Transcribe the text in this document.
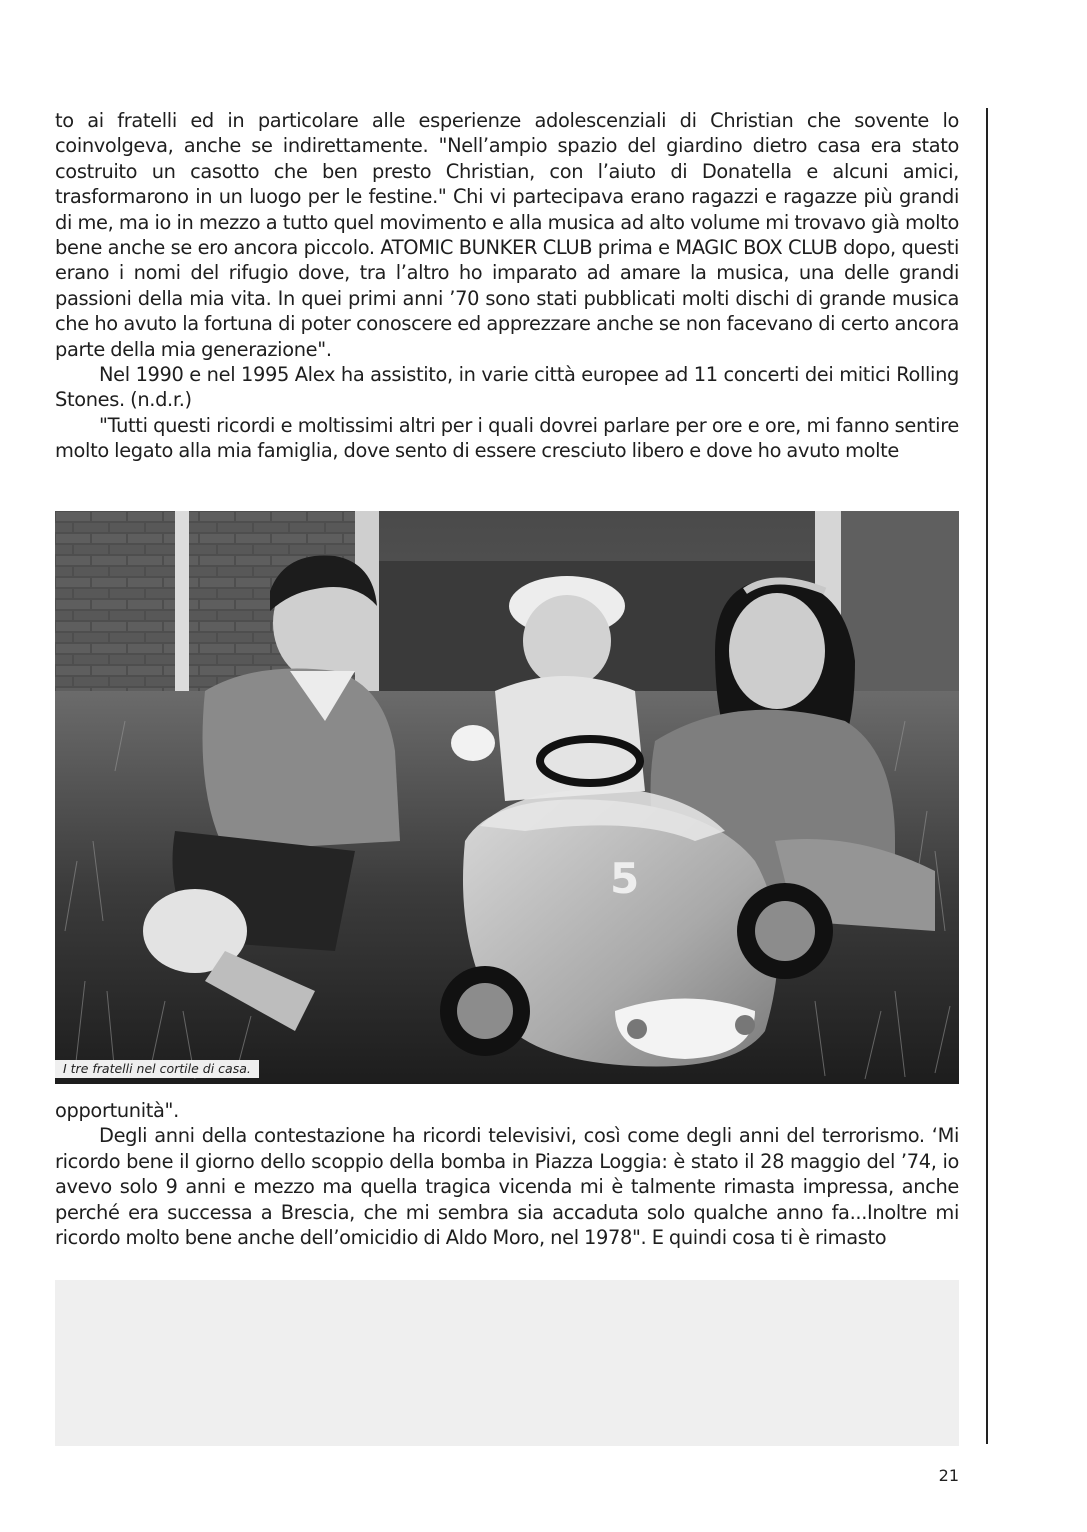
to ai fratelli ed in particolare alle esperienze adolescenziali di Christian che sovente lo coinvolgeva, anche se indirettamente. "Nell’ampio spazio del giardino dietro casa era stato costruito un casotto che ben presto Christian, con l’aiuto di Donatella e alcuni amici, trasformarono in un luogo per le festine." Chi vi partecipava erano ragazzi e ragazze più grandi di me, ma io in mezzo a tutto quel movimento e alla musica ad alto volume mi trovavo già molto bene anche se ero ancora piccolo. ATOMIC BUNKER CLUB prima e MAGIC BOX CLUB dopo, questi erano i nomi del rifugio dove, tra l’altro ho imparato ad amare la musica, una delle grandi passioni della mia vita. In quei primi anni ’70 sono stati pubblicati molti dischi di grande musica che ho avuto la fortuna di poter conoscere ed apprezzare anche se non facevano di certo ancora parte della mia generazione".

Nel 1990 e nel 1995 Alex ha assistito, in varie città europee ad 11 concerti dei mitici Rolling Stones. (n.d.r.)

"Tutti questi ricordi e moltissimi altri per i quali dovrei parlare per ore e ore, mi fanno sentire molto legato alla mia famiglia, dove sento di essere cresciuto libero e dove ho avuto molte

5
I tre fratelli nel cortile di casa.

opportunità".

Degli anni della contestazione ha ricordi televisivi, così come degli anni del terrorismo. ‘Mi ricordo bene il giorno dello scoppio della bomba in Piazza Loggia: è stato il 28 maggio del ’74, io avevo solo 9 anni e mezzo ma quella tragica vicenda mi è talmente rimasta impressa, anche perché era successa a Brescia, che mi sembra sia accaduta solo qualche anno fa...Inoltre mi ricordo molto bene anche dell’omicidio di Aldo Moro, nel 1978". E quindi cosa ti è rimasto

21
